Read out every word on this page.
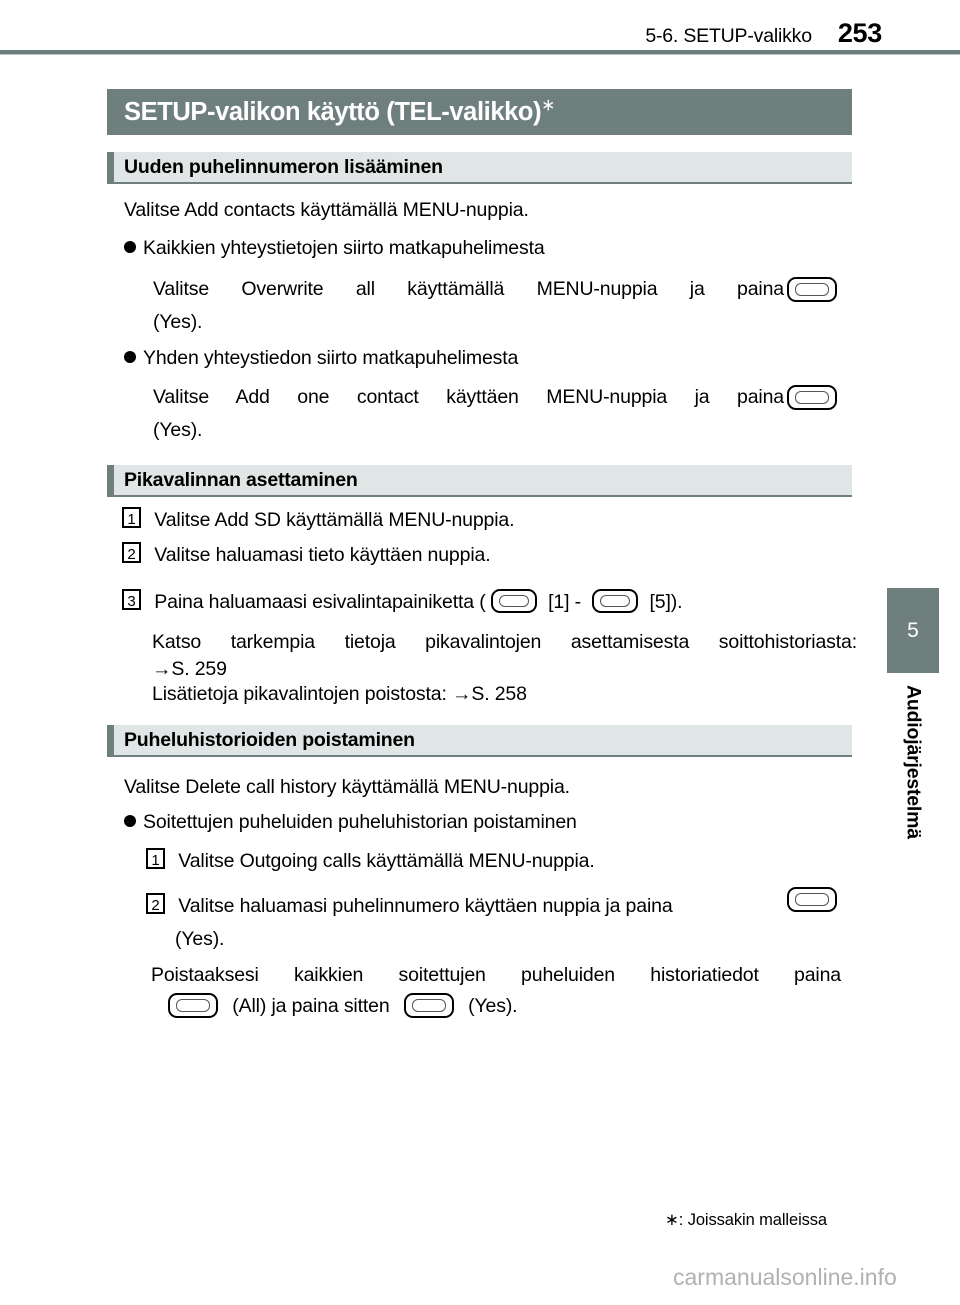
5-6. SETUP-valikko 253
SETUP-valikon käyttö (TEL-valikko)∗
Uuden puhelinnumeron lisääminen
Valitse Add contacts käyttämällä MENU-nuppia.
Kaikkien yhteystietojen siirto matkapuhelimesta
Valitse Overwrite all käyttämällä MENU-nuppia ja paina
(Yes).
Yhden yhteystiedon siirto matkapuhelimesta
Valitse Add one contact käyttäen MENU-nuppia ja paina
(Yes).
Pikavalinnan asettaminen
1 Valitse Add SD käyttämällä MENU-nuppia.
2 Valitse haluamasi tieto käyttäen nuppia.
3 Paina haluamaasi esivalintapainiketta (	[1] -	[5]).
Katso tarkempia tietoja pikavalintojen asettamisesta soittohistoriasta:
→S. 259
Lisätietoja pikavalintojen poistosta: →S. 258
Puheluhistorioiden poistaminen
Valitse Delete call history käyttämällä MENU-nuppia.
Soitettujen puheluiden puheluhistorian poistaminen
1 Valitse Outgoing calls käyttämällä MENU-nuppia.
2 Valitse haluamasi puhelinnumero käyttäen nuppia ja paina
(Yes).
Poistaaksesi kaikkien soitettujen puheluiden historiatiedot paina
(All) ja paina sitten	(Yes).
5
Audiojärjestelmä
∗: Joissakin malleissa
carmanualsonline.info
